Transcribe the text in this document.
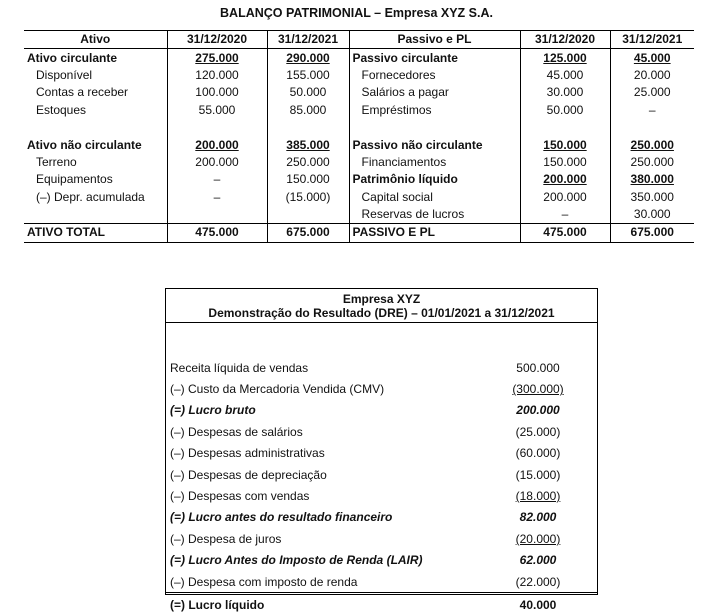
BALANÇO PATRIMONIAL – Empresa XYZ S.A.
Ativo	31/12/2020	31/12/2021	Passivo e PL	31/12/2020	31/12/2021
Ativo circulante	275.000	290.000	Passivo circulante	125.000	45.000
Disponível	120.000	155.000	Fornecedores	45.000	20.000
Contas a receber	100.000	50.000	Salários a pagar	30.000	25.000
Estoques	55.000	85.000	Empréstimos	50.000	–

Ativo não circulante	200.000	385.000	Passivo não circulante	150.000	250.000
Terreno	200.000	250.000	Financiamentos	150.000	250.000
Equipamentos	–	150.000	Patrimônio líquido	200.000	380.000
(–) Depr. acumulada	–	(15.000)	Capital social	200.000	350.000
			Reservas de lucros	–	30.000
ATIVO TOTAL	475.000	675.000	PASSIVO E PL	475.000	675.000
Empresa XYZ
Demonstração do Resultado (DRE) – 01/01/2021 a 31/12/2021
Receita líquida de vendas	500.000
(–) Custo da Mercadoria Vendida (CMV)	(300.000)
(=) Lucro bruto	200.000
(–) Despesas de salários	(25.000)
(–) Despesas administrativas	(60.000)
(–) Despesas de depreciação	(15.000)
(–) Despesas com vendas	(18.000)
(=) Lucro antes do resultado financeiro	82.000
(–) Despesa de juros	(20.000)
(=) Lucro Antes do Imposto de Renda (LAIR)	62.000
(–) Despesa com imposto de renda	(22.000)
(=) Lucro líquido	40.000
